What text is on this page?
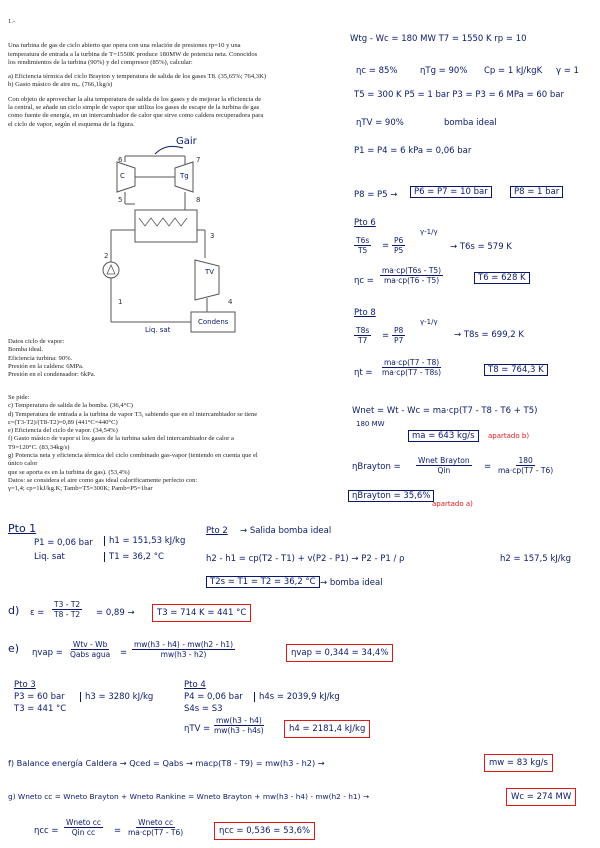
1.-
Una turbina de gas de ciclo abierto que opera con una relación de presiones rp=10 y una
temperatura de entrada a la turbina de T=1550K produce 180MW de potencia neta. Conocidos
los rendimientos de la turbina (90%) y del compresor (85%), calcular:
a) Eficiencia térmica del ciclo Brayton y temperatura de salida de los gases T8. (35,65%; 764,3K)
b) Gasto másico de aire mₐ. (766,1kg/s)
Con objeto de aprovechar la alta temperatura de salida de los gases y de mejorar la eficiencia de
la central, se añade un ciclo simple de vapor que utiliza los gases de escape de la turbina de gas
como fuente de energía, en un intercambiador de calor que sirve como caldera recuperadora para
el ciclo de vapor, según el esquema de la figura.
Gair
C	Tg
TV
Condens
Liq. sat
6	7
5	8
2
3
1	4
Datos ciclo de vapor:
Bomba ideal.
Eficiencia turbina: 90%.
Presión en la caldera: 6MPa.
Presión en el condensador: 6kPa.
Se pide:
c) Temperatura de salida de la bomba. (36,4°C)
d) Temperatura de entrada a la turbina de vapor T3, sabiendo que en el intercambiador se tiene
ε=(T3-T2)/(T8-T2)=0,89 (441°C=440°C)
e) Eficiencia del ciclo de vapor. (34,54%)
f) Gasto másico de vapor si los gases de la turbina salen del intercambiador de calor a
T9=120°C. (83,34kg/s)
g) Potencia neta y eficiencia térmica del ciclo combinado gas-vapor (teniendo en cuenta que el
único calor
que se aporta es en la turbina de gas). (53,4%)
Datos: se considera el aire como gas ideal calorificamente perfecto con:
γ=1,4; cp=1kJ/kg.K; Tamb=T5=300K; Pamb=P5=1bar
Wtg - Wc = 180 MW T7 = 1550 K rp = 10
ηc = 85%	ηTg = 90% Cp = 1 kJ/kgK γ = 1
T5 = 300 K P5 = 1 bar P3 = P3 = 6 MPa = 60 bar
ηTV = 90%	bomba ideal
P1 = P4 = 6 kPa = 0,06 bar
P8 = P5 →	P6 = P7 = 10 bar	P8 = 1 bar
Pto 6
$\frac{T6s}{T5} = \frac{P6}{P5}$
γ-1/γ
→ T6s = 579 K
$\eta c = \frac{ma\cdot cp(T6s - T5)}{ma\cdot cp(T6 - T5)}$	T6 = 628 K
Pto 8
$\frac{T8s}{T7} = \frac{P8}{P7}$
γ-1/γ
→ T8s = 699,2 K
$\eta t = \frac{ma\cdot cp(T7 - T8)}{ma\cdot cp(T7 - T8s)}$	T8 = 764,3 K
Wnet = Wt - Wc = ma·cp(T7 - T8 - T6 + T5)
180 MW
ma = 643 kg/s	apartado b)
ηBrayton =
Wnet Brayton
Qin	= $\frac{180}{ma\cdot cp(T7 - T6)}$
ηBrayton = 35,6%
apartado a)
Pto 1
P1 = 0,06 bar
Liq. sat
h1 = 151,53 kJ/kg
T1 = 36,2 °C
Pto 2 → Salida bomba ideal
h2 - h1 = cp(T2 - T1) + v(P2 - P1) → P2 - P1 / ρ	h2 = 157,5 kJ/kg
T2s = T1 = T2 = 36,2 °C → bomba ideal
d) $\varepsilon = \frac{T3 - T2}{T8 - T2} = 0,89$ →	T3 = 714 K = 441 °C
e) ηvap =
Wtv - Wb
Qabs agua = $\frac{mw(h3 - h4) - mw(h2 - h1)}{mw(h3 - h2)}$	ηvap = 0,344 = 34,4%
Pto 3
P3 = 60 bar
T3 = 441 °C
h3 = 3280 kJ/kg
Pto 4
P4 = 0,06 bar
S4s = S3
h4s = 2039,9 kJ/kg
$\eta TV = \frac{mw(h3 - h4)}{mw(h3 - h4s)}$	h4 = 2181,4 kJ/kg
f) Balance energía Caldera → Qced = Qabs → macp(T8 - T9) = mw(h3 - h2) →	mw = 83 kg/s
g) Wneto cc = Wneto Brayton + Wneto Rankine = Wneto Brayton + mw(h3 - h4) - mw(h2 - h1) →	Wc = 274 MW
ηcc =
Wneto cc
Qin cc =
Wneto cc
ma·cp(T7 - T6)	ηcc = 0,536 = 53,6%
